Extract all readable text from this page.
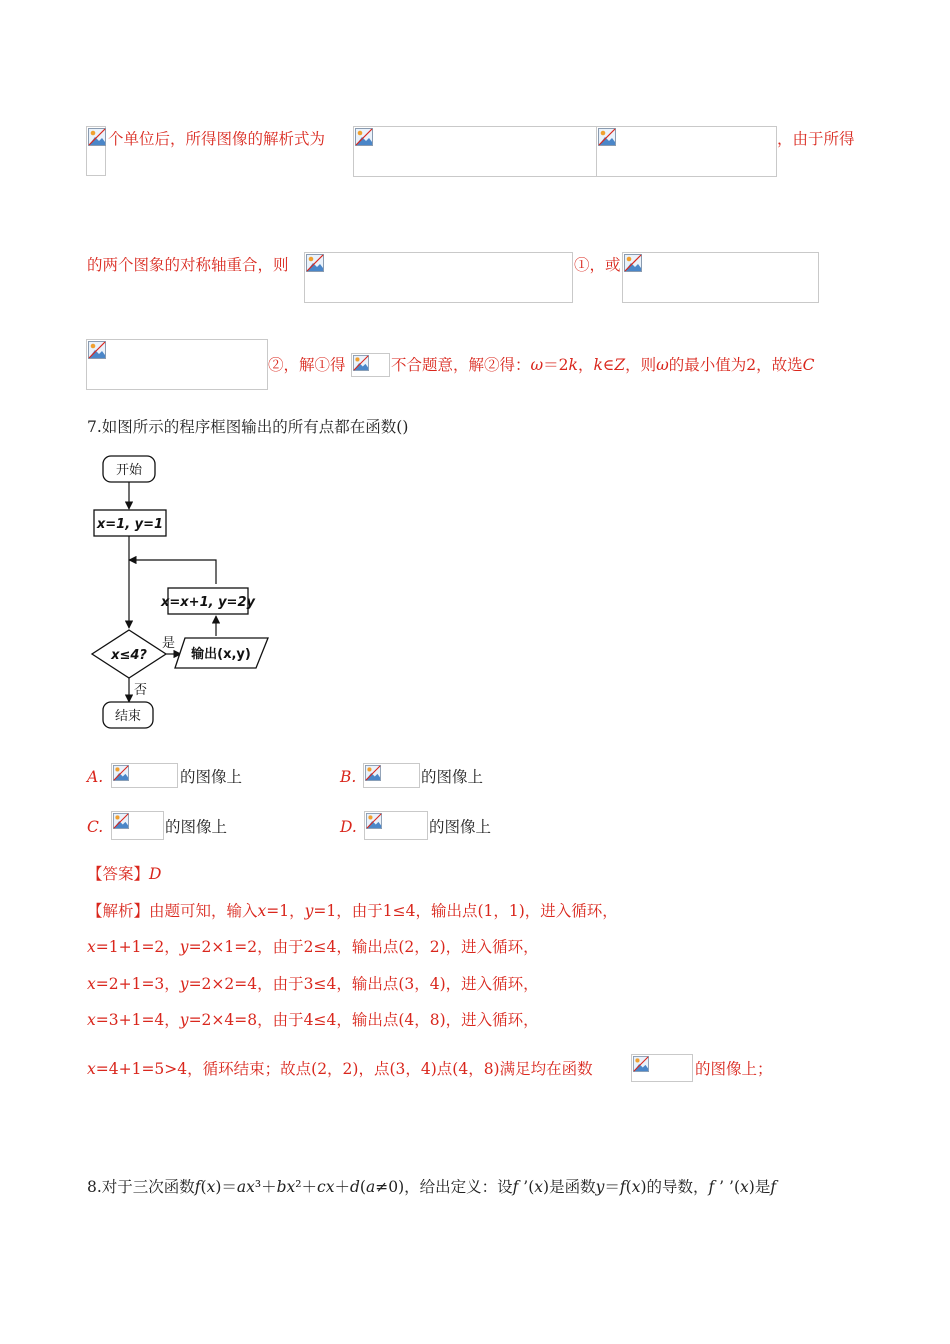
个单位后，所得图像的解析式为	，由于所得
的两个图象的对称轴重合，则	①，或
②，解①得	不合题意，解②得：ω＝2k，k∈Z，则ω的最小值为2，故选C
7.如图所示的程序框图输出的所有点都在函数()
开始
x=1, y=1
x=x+1, y=2y
x≤4?
是
输出(x,y)
否
结束
A.	的图像上	B.	的图像上
C.	的图像上	D.	的图像上
【答案】D
【解析】由题可知，输入x=1，y=1，由于1≤4，输出点(1，1)，进入循环，
x=1+1=2，y=2×1=2，由于2≤4，输出点(2，2)，进入循环，
x=2+1=3，y=2×2=4，由于3≤4，输出点(3，4)，进入循环，
x=3+1=4，y=2×4=8，由于4≤4，输出点(4，8)，进入循环，
x=4+1=5>4，循环结束；故点(2，2)，点(3，4)点(4，8)满足均在函数	的图像上；
8.对于三次函数f(x)＝ax³＋bx²＋cx＋d(a≠0)，给出定义：设f ’(x)是函数y＝f(x)的导数，f ’ ’(x)是f
